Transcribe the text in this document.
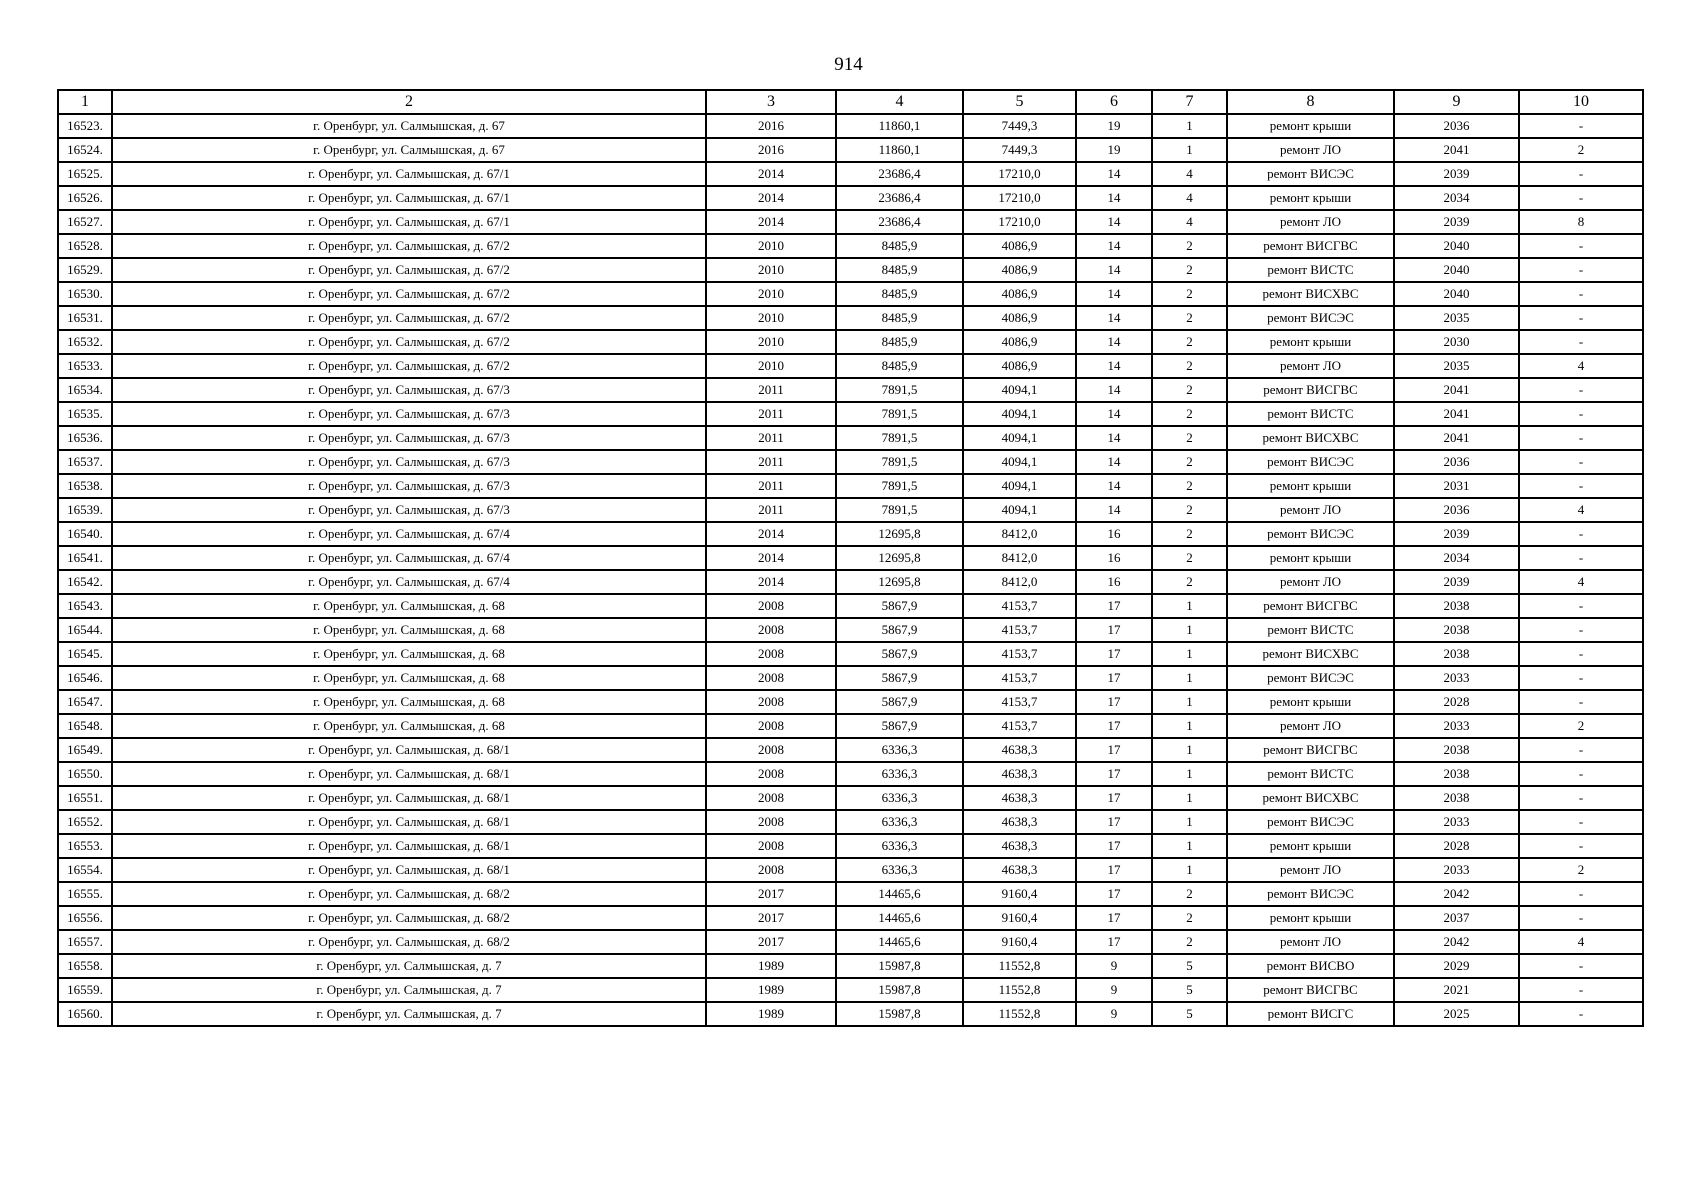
914
1	2	3	4	5	6	7	8	9	10
16523.	г. Оренбург, ул. Салмышская, д. 67	2016	11860,1	7449,3	19	1	ремонт крыши	2036	-
16524.	г. Оренбург, ул. Салмышская, д. 67	2016	11860,1	7449,3	19	1	ремонт ЛО	2041	2
16525.	г. Оренбург, ул. Салмышская, д. 67/1	2014	23686,4	17210,0	14	4	ремонт ВИСЭС	2039	-
16526.	г. Оренбург, ул. Салмышская, д. 67/1	2014	23686,4	17210,0	14	4	ремонт крыши	2034	-
16527.	г. Оренбург, ул. Салмышская, д. 67/1	2014	23686,4	17210,0	14	4	ремонт ЛО	2039	8
16528.	г. Оренбург, ул. Салмышская, д. 67/2	2010	8485,9	4086,9	14	2	ремонт ВИСГВС	2040	-
16529.	г. Оренбург, ул. Салмышская, д. 67/2	2010	8485,9	4086,9	14	2	ремонт ВИСТС	2040	-
16530.	г. Оренбург, ул. Салмышская, д. 67/2	2010	8485,9	4086,9	14	2	ремонт ВИСХВС	2040	-
16531.	г. Оренбург, ул. Салмышская, д. 67/2	2010	8485,9	4086,9	14	2	ремонт ВИСЭС	2035	-
16532.	г. Оренбург, ул. Салмышская, д. 67/2	2010	8485,9	4086,9	14	2	ремонт крыши	2030	-
16533.	г. Оренбург, ул. Салмышская, д. 67/2	2010	8485,9	4086,9	14	2	ремонт ЛО	2035	4
16534.	г. Оренбург, ул. Салмышская, д. 67/3	2011	7891,5	4094,1	14	2	ремонт ВИСГВС	2041	-
16535.	г. Оренбург, ул. Салмышская, д. 67/3	2011	7891,5	4094,1	14	2	ремонт ВИСТС	2041	-
16536.	г. Оренбург, ул. Салмышская, д. 67/3	2011	7891,5	4094,1	14	2	ремонт ВИСХВС	2041	-
16537.	г. Оренбург, ул. Салмышская, д. 67/3	2011	7891,5	4094,1	14	2	ремонт ВИСЭС	2036	-
16538.	г. Оренбург, ул. Салмышская, д. 67/3	2011	7891,5	4094,1	14	2	ремонт крыши	2031	-
16539.	г. Оренбург, ул. Салмышская, д. 67/3	2011	7891,5	4094,1	14	2	ремонт ЛО	2036	4
16540.	г. Оренбург, ул. Салмышская, д. 67/4	2014	12695,8	8412,0	16	2	ремонт ВИСЭС	2039	-
16541.	г. Оренбург, ул. Салмышская, д. 67/4	2014	12695,8	8412,0	16	2	ремонт крыши	2034	-
16542.	г. Оренбург, ул. Салмышская, д. 67/4	2014	12695,8	8412,0	16	2	ремонт ЛО	2039	4
16543.	г. Оренбург, ул. Салмышская, д. 68	2008	5867,9	4153,7	17	1	ремонт ВИСГВС	2038	-
16544.	г. Оренбург, ул. Салмышская, д. 68	2008	5867,9	4153,7	17	1	ремонт ВИСТС	2038	-
16545.	г. Оренбург, ул. Салмышская, д. 68	2008	5867,9	4153,7	17	1	ремонт ВИСХВС	2038	-
16546.	г. Оренбург, ул. Салмышская, д. 68	2008	5867,9	4153,7	17	1	ремонт ВИСЭС	2033	-
16547.	г. Оренбург, ул. Салмышская, д. 68	2008	5867,9	4153,7	17	1	ремонт крыши	2028	-
16548.	г. Оренбург, ул. Салмышская, д. 68	2008	5867,9	4153,7	17	1	ремонт ЛО	2033	2
16549.	г. Оренбург, ул. Салмышская, д. 68/1	2008	6336,3	4638,3	17	1	ремонт ВИСГВС	2038	-
16550.	г. Оренбург, ул. Салмышская, д. 68/1	2008	6336,3	4638,3	17	1	ремонт ВИСТС	2038	-
16551.	г. Оренбург, ул. Салмышская, д. 68/1	2008	6336,3	4638,3	17	1	ремонт ВИСХВС	2038	-
16552.	г. Оренбург, ул. Салмышская, д. 68/1	2008	6336,3	4638,3	17	1	ремонт ВИСЭС	2033	-
16553.	г. Оренбург, ул. Салмышская, д. 68/1	2008	6336,3	4638,3	17	1	ремонт крыши	2028	-
16554.	г. Оренбург, ул. Салмышская, д. 68/1	2008	6336,3	4638,3	17	1	ремонт ЛО	2033	2
16555.	г. Оренбург, ул. Салмышская, д. 68/2	2017	14465,6	9160,4	17	2	ремонт ВИСЭС	2042	-
16556.	г. Оренбург, ул. Салмышская, д. 68/2	2017	14465,6	9160,4	17	2	ремонт крыши	2037	-
16557.	г. Оренбург, ул. Салмышская, д. 68/2	2017	14465,6	9160,4	17	2	ремонт ЛО	2042	4
16558.	г. Оренбург, ул. Салмышская, д. 7	1989	15987,8	11552,8	9	5	ремонт ВИСВО	2029	-
16559.	г. Оренбург, ул. Салмышская, д. 7	1989	15987,8	11552,8	9	5	ремонт ВИСГВС	2021	-
16560.	г. Оренбург, ул. Салмышская, д. 7	1989	15987,8	11552,8	9	5	ремонт ВИСГС	2025	-
